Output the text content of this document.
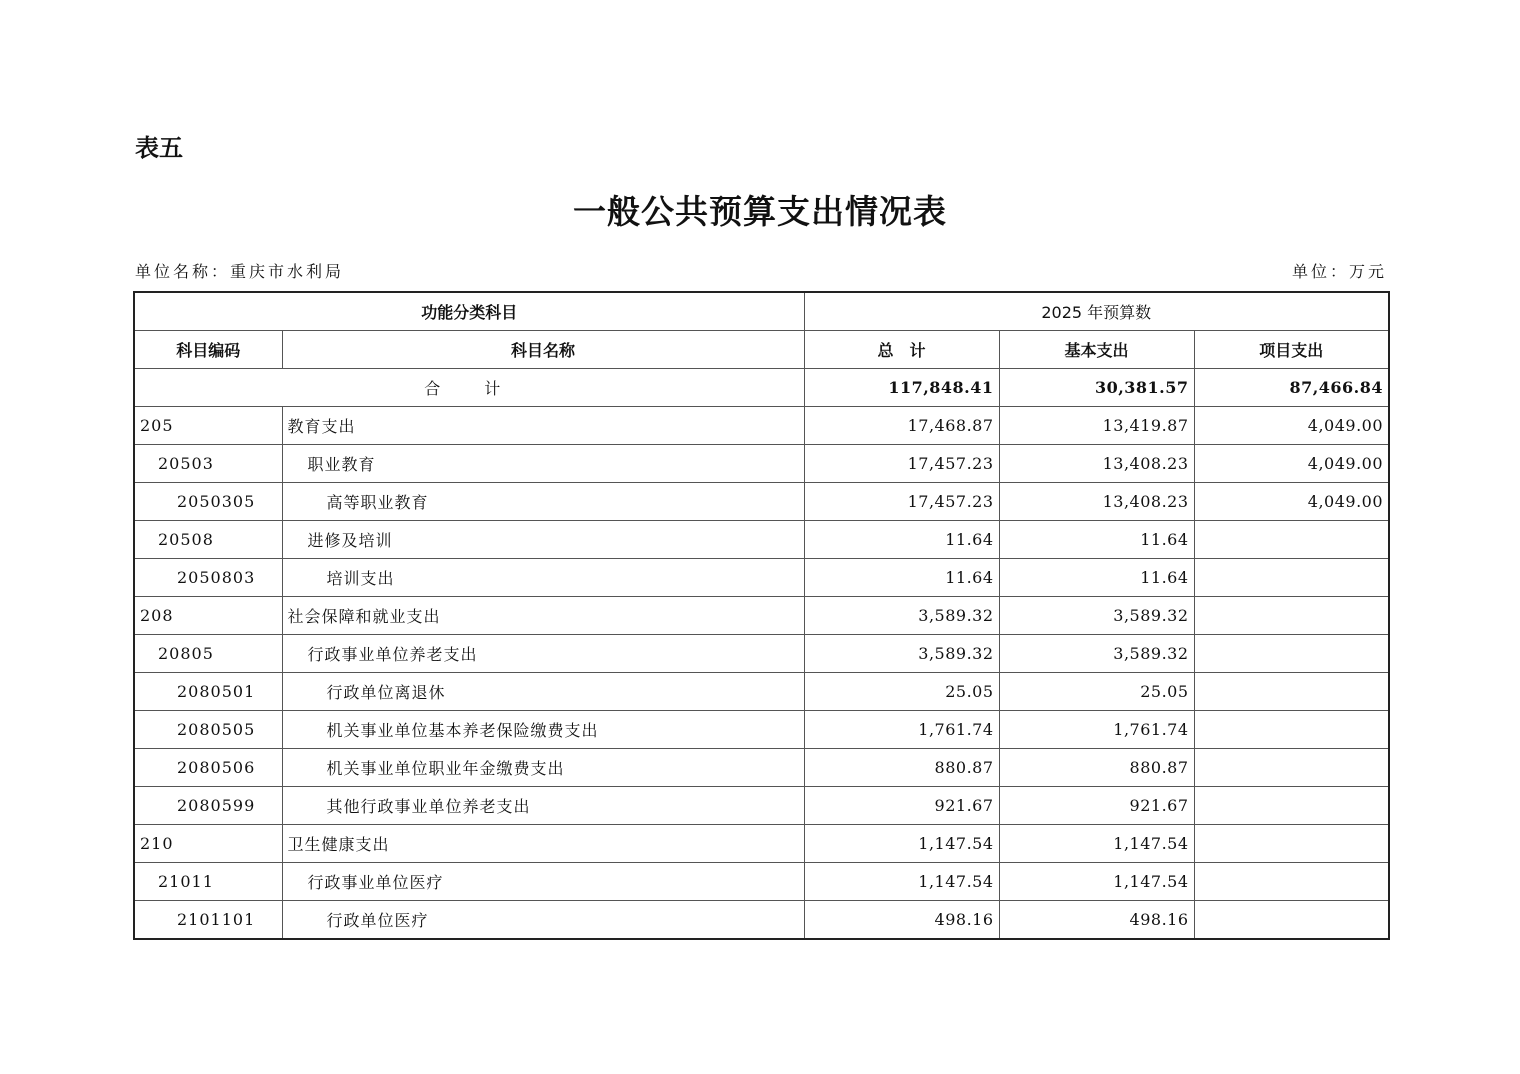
表五
一般公共预算支出情况表
单位名称：重庆市水利局	单位：万元
功能分类科目		2025 年预算数		
科目编码	科目名称	总　计	基本支出	项目支出
合　计		117,848.41	30,381.57	87,466.84
205	教育支出	17,468.87	13,419.87	4,049.00
20503	职业教育	17,457.23	13,408.23	4,049.00
2050305	高等职业教育	17,457.23	13,408.23	4,049.00
20508	进修及培训	11.64	11.64	
2050803	培训支出	11.64	11.64	
208	社会保障和就业支出	3,589.32	3,589.32	
20805	行政事业单位养老支出	3,589.32	3,589.32	
2080501	行政单位离退休	25.05	25.05	
2080505	机关事业单位基本养老保险缴费支出	1,761.74	1,761.74	
2080506	机关事业单位职业年金缴费支出	880.87	880.87	
2080599	其他行政事业单位养老支出	921.67	921.67	
210	卫生健康支出	1,147.54	1,147.54	
21011	行政事业单位医疗	1,147.54	1,147.54	
2101101	行政单位医疗	498.16	498.16	
